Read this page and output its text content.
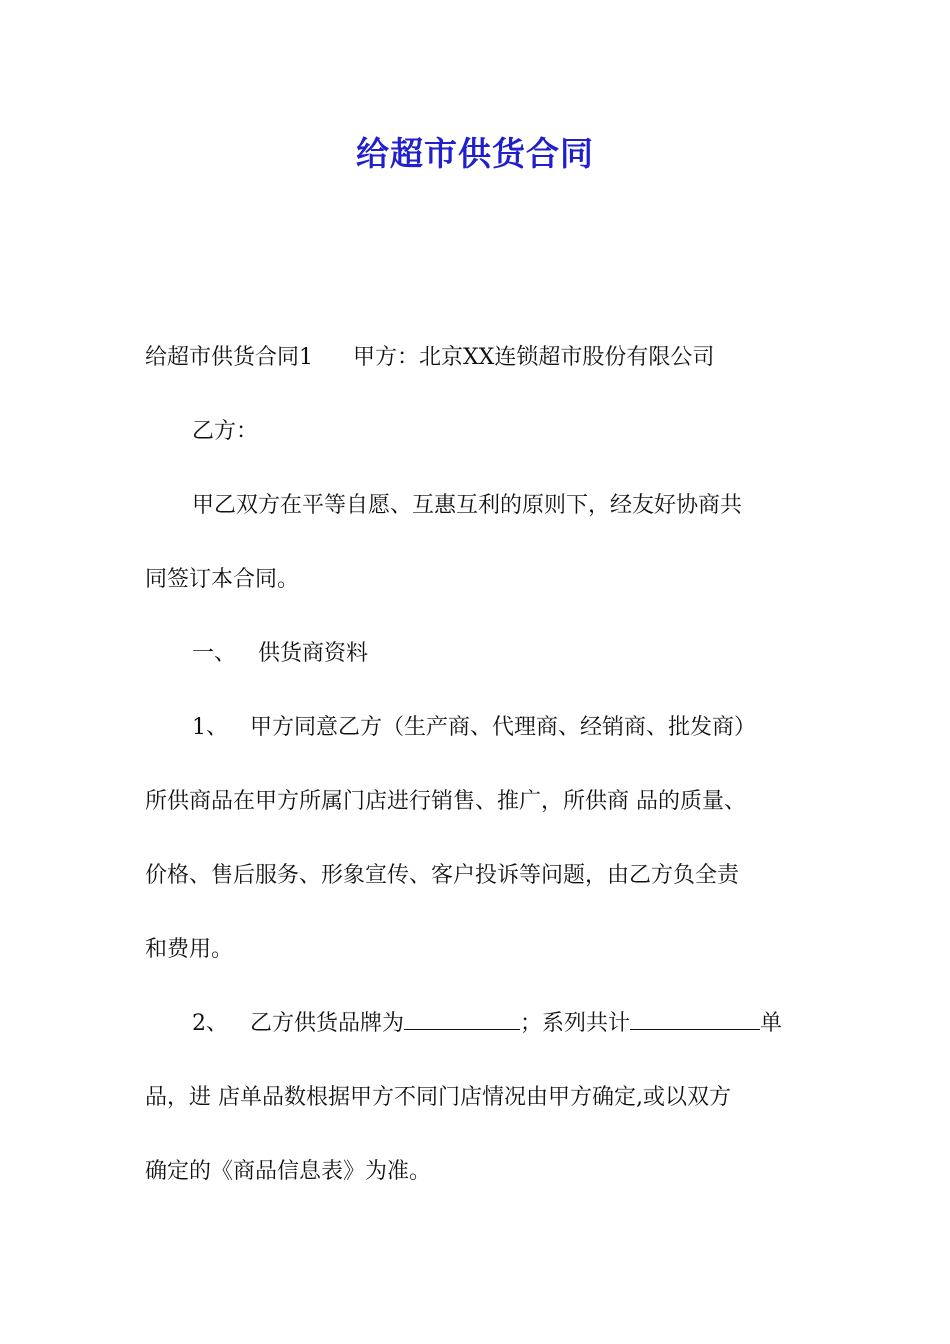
给超市供货合同
给超市供货合同1 甲方：北京XX连锁超市股份有限公司
乙方：
甲乙双方在平等自愿、互惠互利的原则下，经友好协商共
同签订本合同。
一、 供货商资料
1、 甲方同意乙方（生产商、代理商、经销商、批发商）
所供商品在甲方所属门店进行销售、推广，所供商 品的质量、
价格、售后服务、形象宣传、客户投诉等问题，由乙方负全责
和费用。
2、 乙方供货品牌为	；系列共计	单
品，进 店单品数根据甲方不同门店情况由甲方确定,或以双方
确定的《商品信息表》为准。
